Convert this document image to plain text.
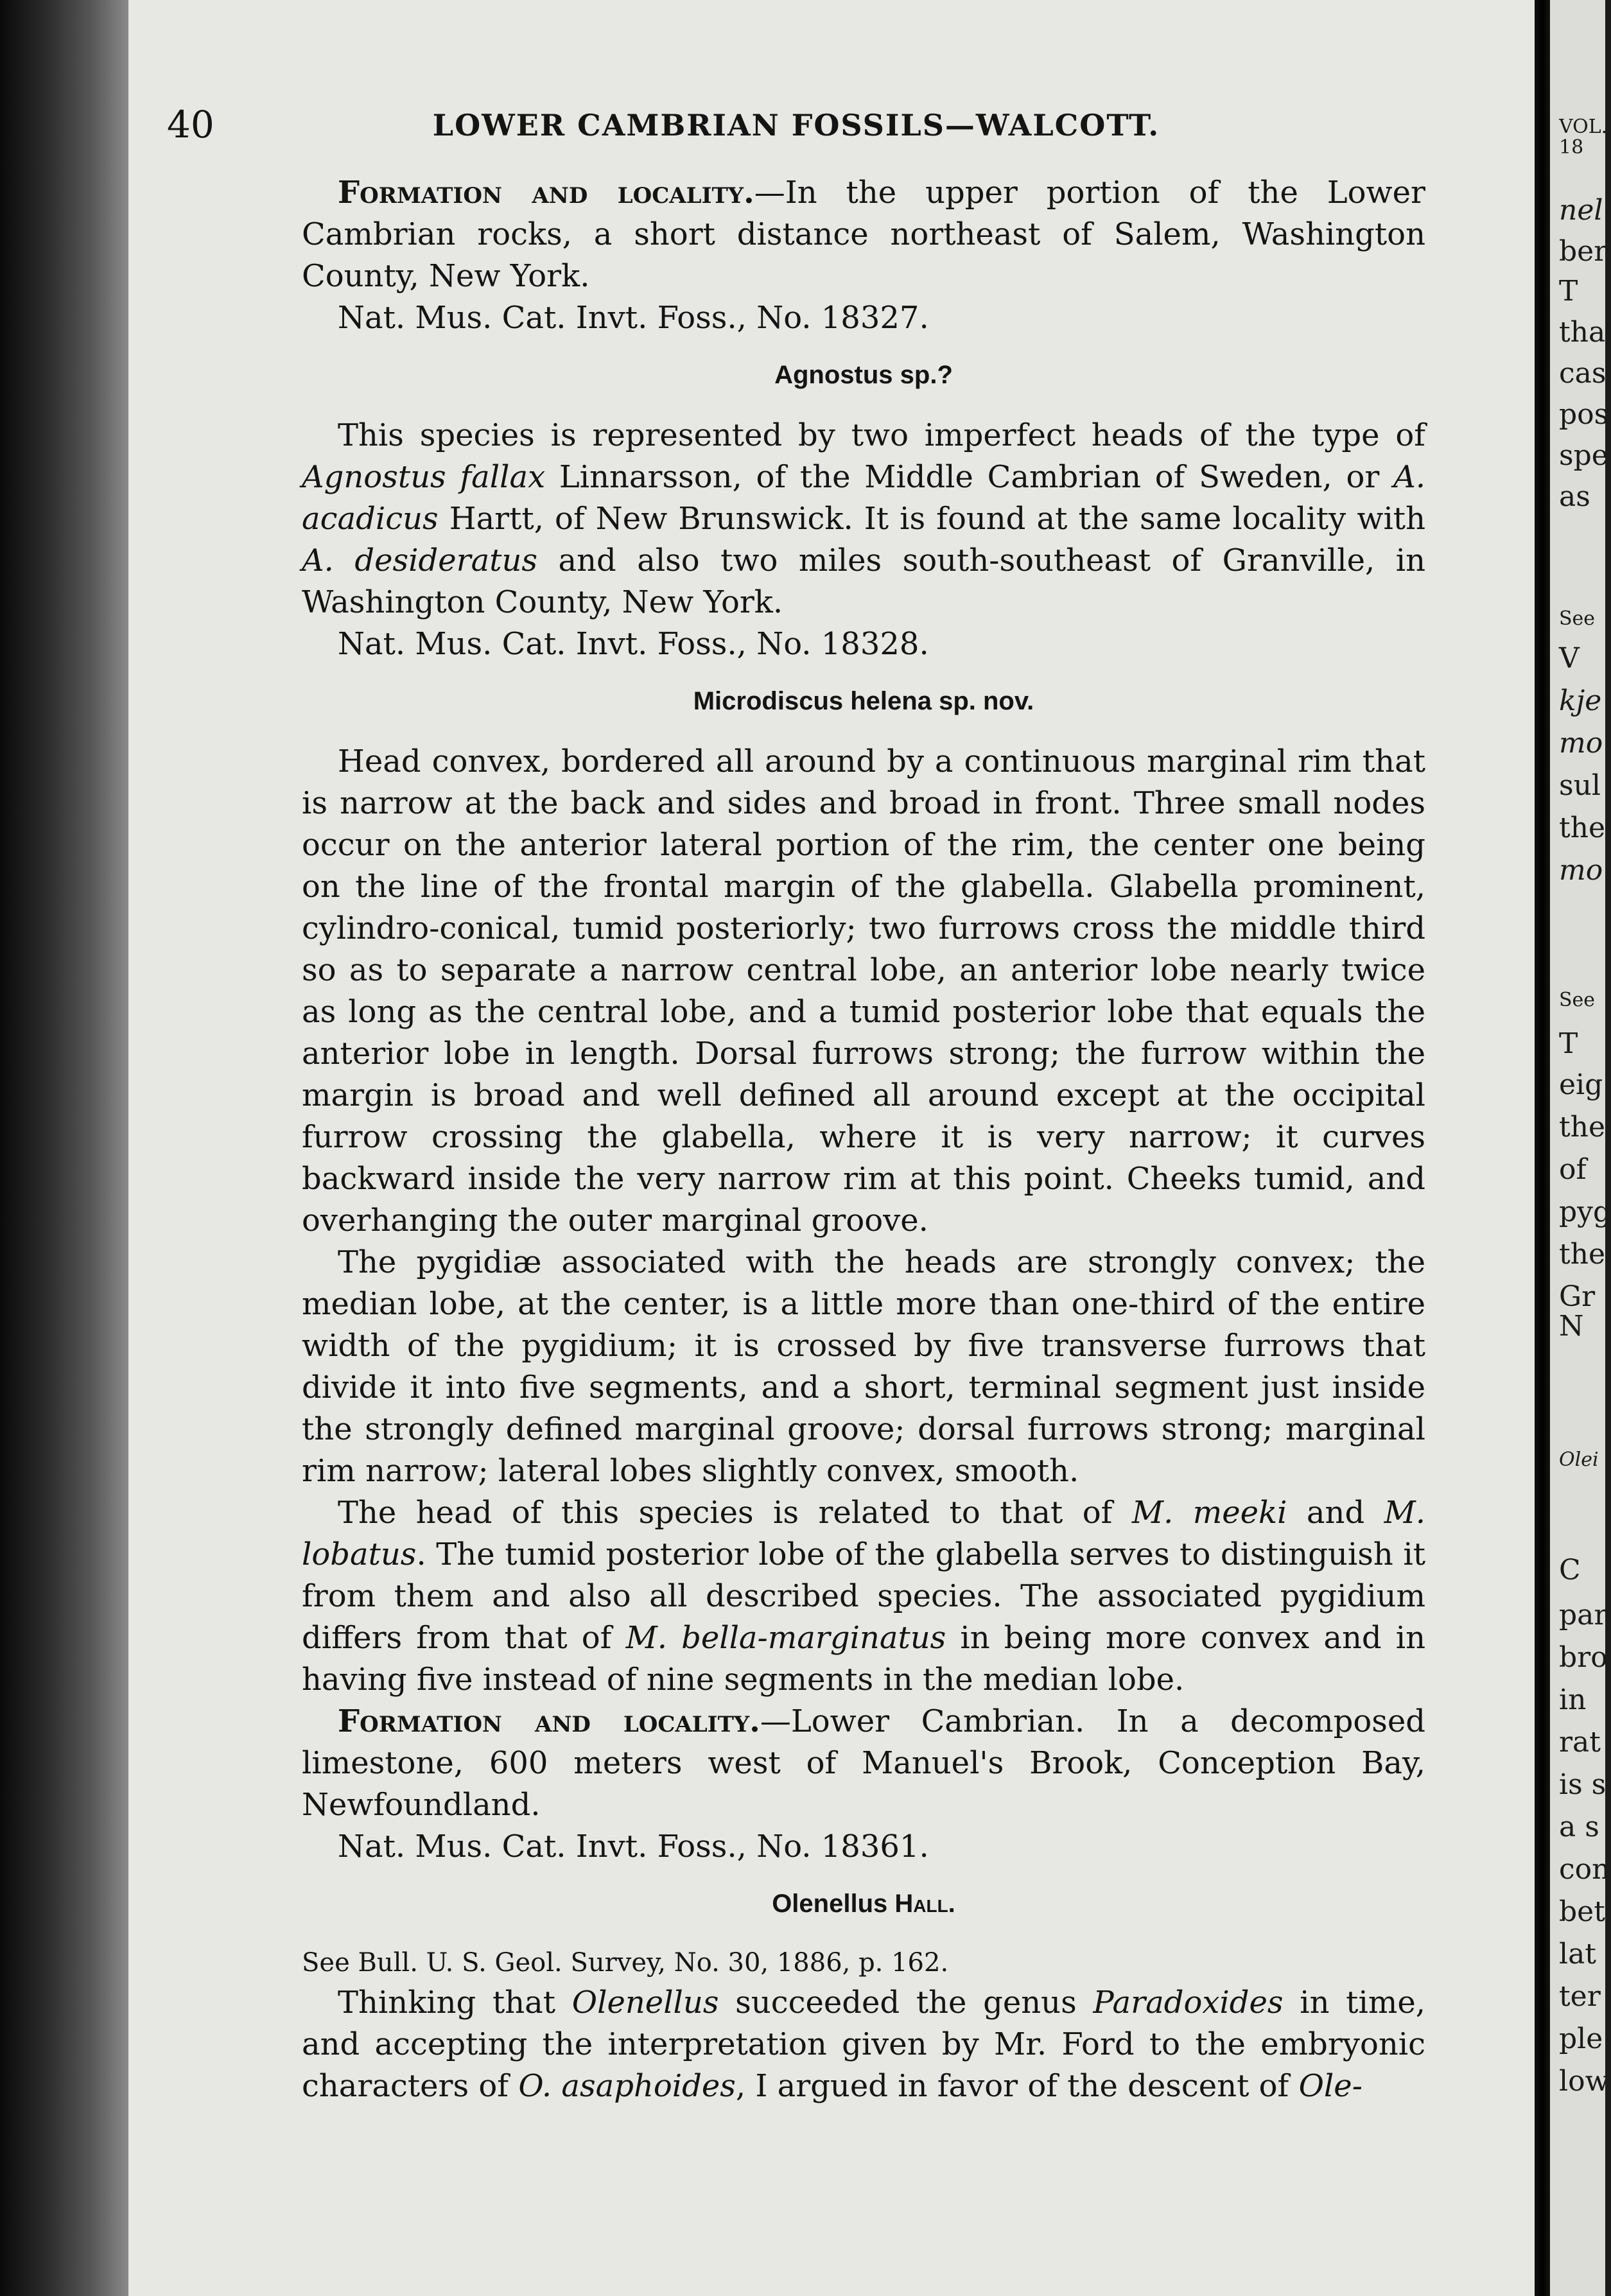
40	LOWER CAMBRIAN FOSSILS—WALCOTT.

Formation and locality.—In the upper portion of the Lower Cambrian rocks, a short distance northeast of Salem, Washington County, New York.

Nat. Mus. Cat. Invt. Foss., No. 18327.

Agnostus sp.?

This species is represented by two imperfect heads of the type of Agnostus fallax Linnarsson, of the Middle Cambrian of Sweden, or A. acadicus Hartt, of New Brunswick. It is found at the same locality with A. desideratus and also two miles south-southeast of Granville, in Washington County, New York.

Nat. Mus. Cat. Invt. Foss., No. 18328.

Microdiscus helena sp. nov.

Head convex, bordered all around by a continuous marginal rim that is narrow at the back and sides and broad in front. Three small nodes occur on the anterior lateral portion of the rim, the center one being on the line of the frontal margin of the glabella. Glabella prominent, cylindro-conical, tumid posteriorly; two furrows cross the middle third so as to separate a narrow central lobe, an anterior lobe nearly twice as long as the central lobe, and a tumid posterior lobe that equals the anterior lobe in length. Dorsal furrows strong; the furrow within the margin is broad and well defined all around except at the occipital furrow crossing the glabella, where it is very narrow; it curves backward inside the very narrow rim at this point. Cheeks tumid, and overhanging the outer marginal groove.

The pygidiæ associated with the heads are strongly convex; the median lobe, at the center, is a little more than one-third of the entire width of the pygidium; it is crossed by five transverse furrows that divide it into five segments, and a short, terminal segment just inside the strongly defined marginal groove; dorsal furrows strong; marginal rim narrow; lateral lobes slightly convex, smooth.

The head of this species is related to that of M. meeki and M. lobatus. The tumid posterior lobe of the glabella serves to distinguish it from them and also all described species. The associated pygidium differs from that of M. bella-marginatus in being more convex and in having five instead of nine segments in the median lobe.

Formation and locality.—Lower Cambrian. In a decomposed limestone, 600 meters west of Manuel's Brook, Conception Bay, Newfoundland.

Nat. Mus. Cat. Invt. Foss., No. 18361.

Olenellus Hall.

See Bull. U. S. Geol. Survey, No. 30, 1886, p. 162.

Thinking that Olenellus succeeded the genus Paradoxides in time, and accepting the interpretation given by Mr. Ford to the embryonic characters of O. asaphoides, I argued in favor of the descent of Ole-

VOL.
18
nel
ber
T
tha
cas
pos
spe
as
See
V
kje
mo
sul
the
mo
See
T
eig
the
of
pyg
the
Gr
N
Olei
C
par
bro
in
rat
is s
a s
con
bet
lat
ter
ple
low
